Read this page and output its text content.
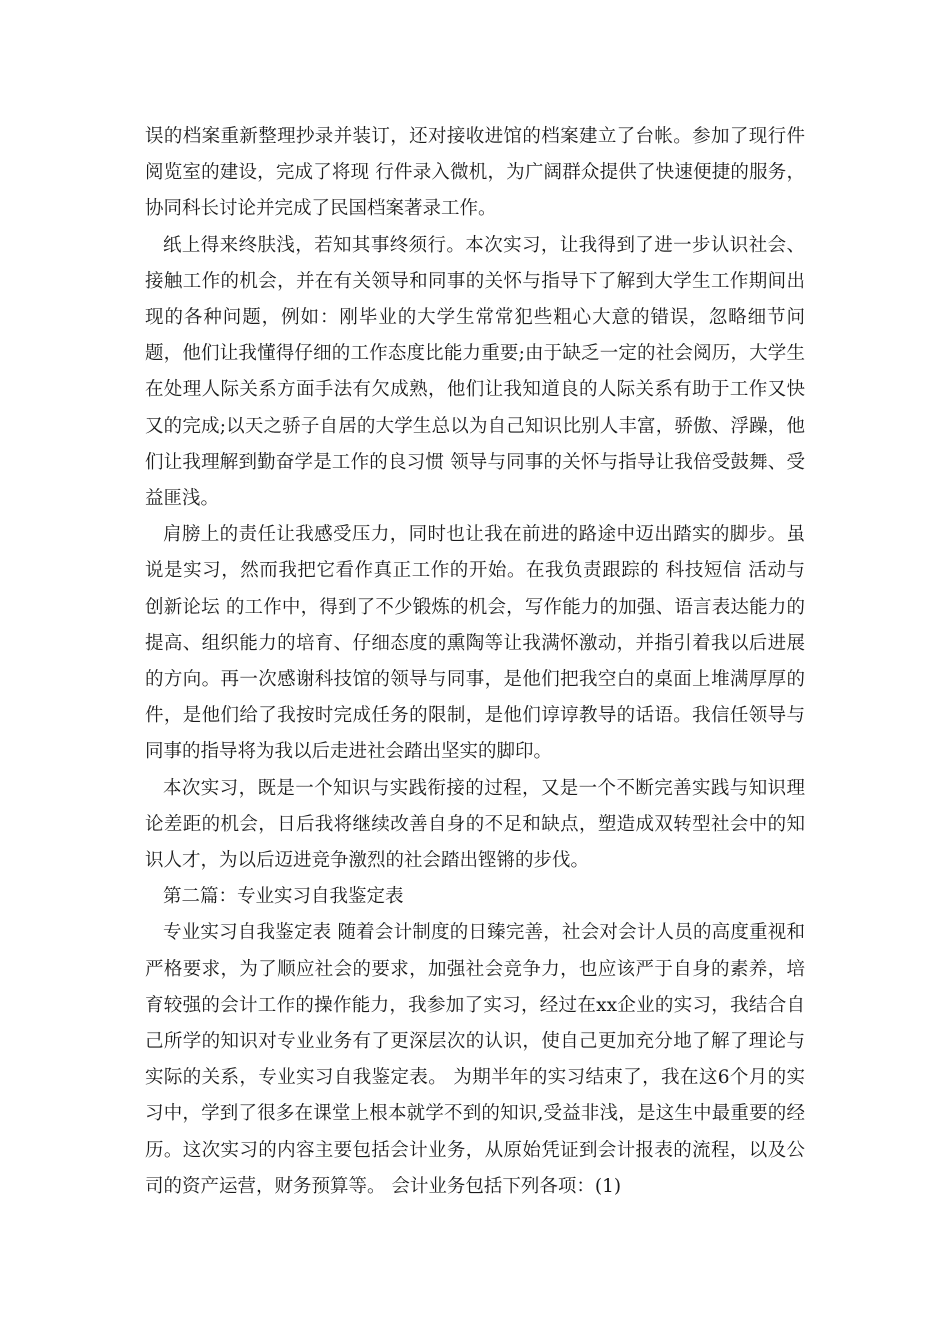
误的档案重新整理抄录并装订，还对接收进馆的档案建立了台帐。参加了现行件阅览室的建设，完成了将现 行件录入微机，为广阔群众提供了快速便捷的服务，协同科长讨论并完成了民国档案著录工作。

纸上得来终肤浅，若知其事终须行。本次实习，让我得到了进一步认识社会、接触工作的机会，并在有关领导和同事的关怀与指导下了解到大学生工作期间出现的各种问题，例如：刚毕业的大学生常常犯些粗心大意的错误，忽略细节问题，他们让我懂得仔细的工作态度比能力重要;由于缺乏一定的社会阅历，大学生在处理人际关系方面手法有欠成熟，他们让我知道良的人际关系有助于工作又快又的完成;以天之骄子自居的大学生总以为自己知识比别人丰富，骄傲、浮躁，他们让我理解到勤奋学是工作的良习惯 领导与同事的关怀与指导让我倍受鼓舞、受益匪浅。

肩膀上的责任让我感受压力，同时也让我在前进的路途中迈出踏实的脚步。虽说是实习，然而我把它看作真正工作的开始。在我负责跟踪的 科技短信 活动与 创新论坛 的工作中，得到了不少锻炼的机会，写作能力的加强、语言表达能力的提高、组织能力的培育、仔细态度的熏陶等让我满怀激动，并指引着我以后进展的方向。再一次感谢科技馆的领导与同事，是他们把我空白的桌面上堆满厚厚的件，是他们给了我按时完成任务的限制，是他们谆谆教导的话语。我信任领导与同事的指导将为我以后走进社会踏出坚实的脚印。

本次实习，既是一个知识与实践衔接的过程，又是一个不断完善实践与知识理论差距的机会，日后我将继续改善自身的不足和缺点，塑造成双转型社会中的知识人才，为以后迈进竞争激烈的社会踏出铿锵的步伐。

第二篇：专业实习自我鉴定表

专业实习自我鉴定表 随着会计制度的日臻完善，社会对会计人员的高度重视和严格要求，为了顺应社会的要求，加强社会竞争力，也应该严于自身的素养，培育较强的会计工作的操作能力，我参加了实习，经过在xx企业的实习，我结合自己所学的知识对专业业务有了更深层次的认识，使自己更加充分地了解了理论与实际的关系，专业实习自我鉴定表。 为期半年的实习结束了，我在这6个月的实习中，学到了很多在课堂上根本就学不到的知识,受益非浅，是这生中最重要的经历。这次实习的内容主要包括会计业务，从原始凭证到会计报表的流程，以及公司的资产运营，财务预算等。 会计业务包括下列各项：(1)
